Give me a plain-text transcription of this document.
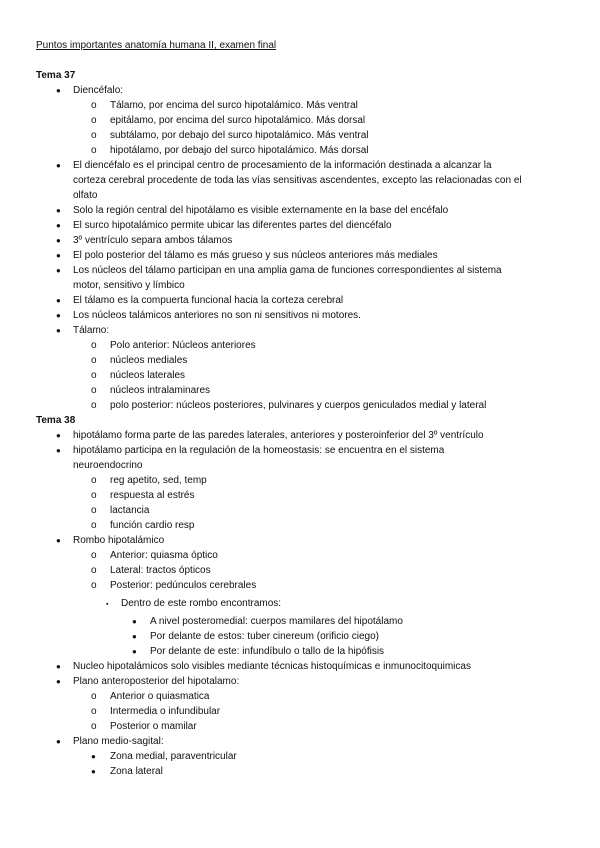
Puntos importantes anatomía humana II, examen final
Tema 37
●
Diencéfalo:
o
Tálamo, por encima del surco hipotalámico. Más ventral
o
epitálamo, por encima del surco hipotalámico. Más dorsal
o
subtálamo, por debajo del surco hipotalámico. Más ventral
o
hipotálamo, por debajo del surco hipotalámico. Más dorsal
●
El diencéfalo es el principal centro de procesamiento de la información destinada a alcanzar la
corteza cerebral procedente de toda las vías sensitivas ascendentes, excepto las relacionadas con el
olfato
●
Solo la región central del hipotálamo es visible externamente en la base del encéfalo
●
El surco hipotalámico permite ubicar las diferentes partes del diencéfalo
●
3º ventrículo separa ambos tálamos
●
El polo posterior del tálamo es más grueso y sus núcleos anteriores más mediales
●
Los núcleos del tálamo participan en una amplia gama de funciones correspondientes al sistema
motor, sensitivo y límbico
●
El tálamo es la compuerta funcional hacia la corteza cerebral
●
Los núcleos talámicos anteriores no son ni sensitivos ni motores.
●
Tálamo:
o
Polo anterior: Núcleos anteriores
o
núcleos mediales
o
núcleos laterales
o
núcleos intralaminares
o
polo posterior: núcleos posteriores, pulvinares y cuerpos geniculados medial y lateral
Tema 38
●
hipotálamo forma parte de las paredes laterales, anteriores y posteroinferior del 3º ventrículo
●
hipotálamo participa en la regulación de la homeostasis: se encuentra en el sistema
neuroendocrino
o
reg apetito, sed, temp
o
respuesta al estrés
o
lactancia
o
función cardio resp
●
Rombo hipotalámico
o
Anterior: quiasma óptico
o
Lateral: tractos ópticos
o
Posterior: pedúnculos cerebrales
▪
Dentro de este rombo encontramos:
●
A nivel posteromedial: cuerpos mamilares del hipotálamo
●
Por delante de estos: tuber cinereum (orificio ciego)
●
Por delante de este: infundíbulo o tallo de la hipófisis
●
Nucleo hipotalámicos solo visibles mediante técnicas histoquímicas e inmunocitoquimicas
●
Plano anteroposterior del hipotalamo:
o
Anterior o quiasmatica
o
Intermedia o infundibular
o
Posterior o mamilar
●
Plano medio-sagital:
●
Zona medial, paraventricular
●
Zona lateral
